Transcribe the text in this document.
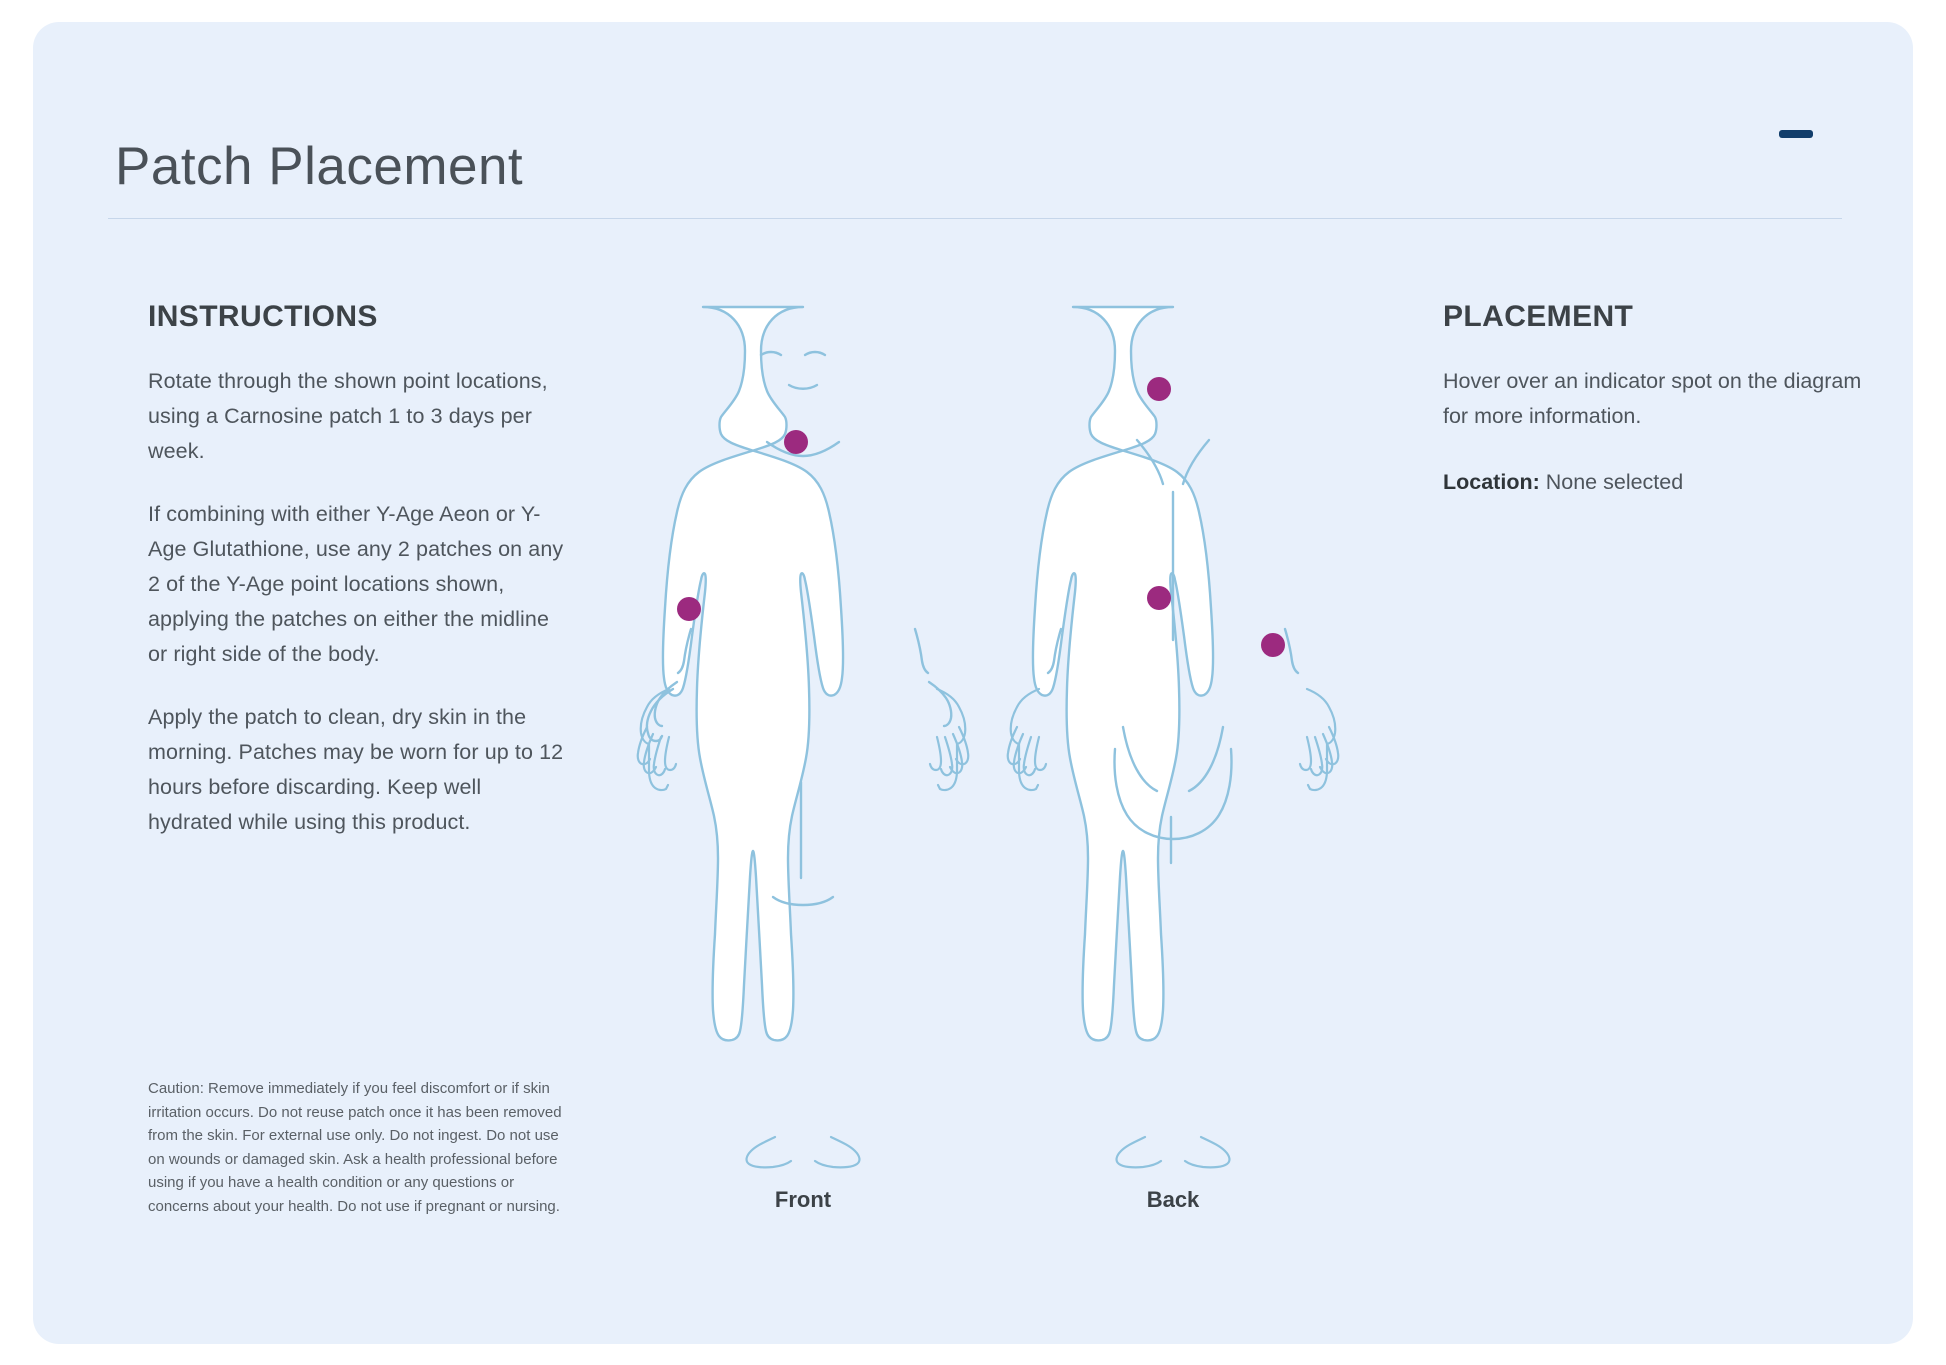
Patch Placement
INSTRUCTIONS

Rotate through the shown point locations, using a Carnosine patch 1 to 3 days per week.

If combining with either Y-Age Aeon or Y-Age Glutathione, use any 2 patches on any 2 of the Y-Age point locations shown, applying the patches on either the midline or right side of the body.

Apply the patch to clean, dry skin in the morning. Patches may be worn for up to 12 hours before discarding. Keep well hydrated while using this product.

Caution: Remove immediately if you feel discomfort or if skin irritation occurs. Do not reuse patch once it has been removed from the skin. For external use only. Do not ingest. Do not use on wounds or damaged skin. Ask a health professional before using if you have a health condition or any questions or concerns about your health. Do not use if pregnant or nursing.
PLACEMENT

Hover over an indicator spot on the diagram for more information.

Location: None selected
Front	Back
